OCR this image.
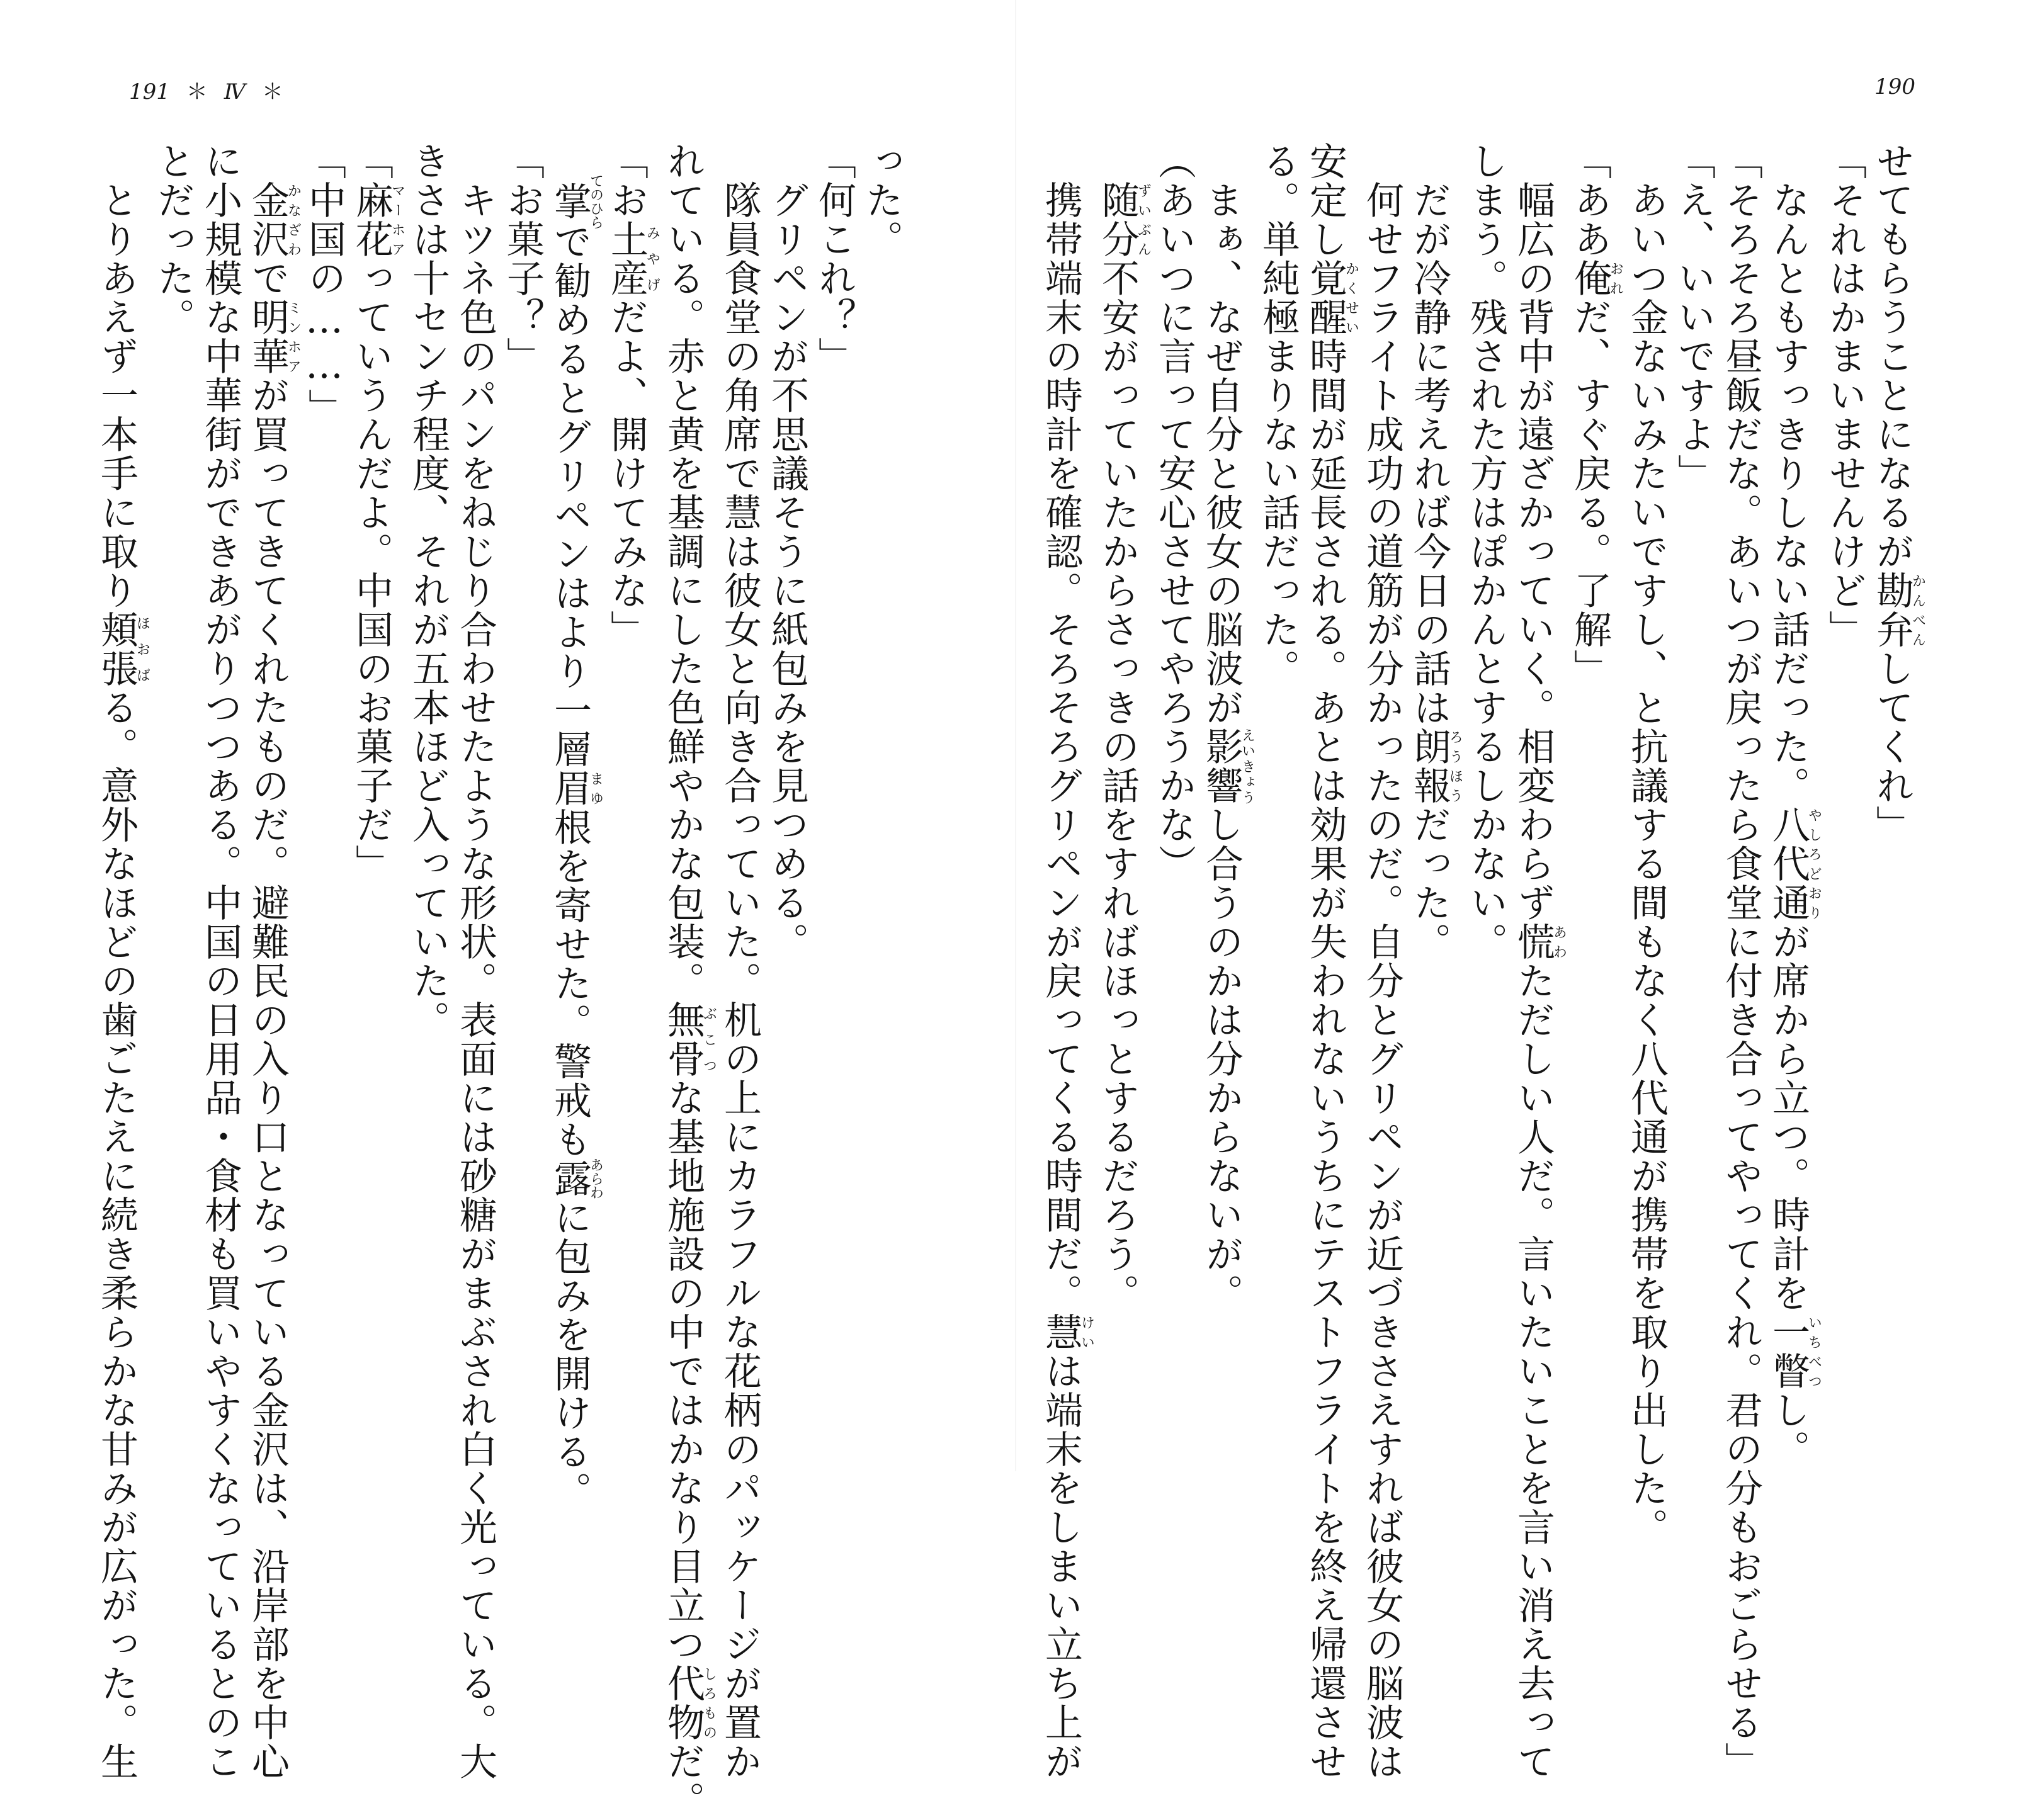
191 ＊ Ⅳ ＊	190
せてもらうことになるが勘弁かんべんしてくれ」
「それはかまいませんけど」
　なんともすっきりしない話だった。八代通やしろどおりが席から立つ。時計を一瞥いちべつし。
「そろそろ昼飯だな。あいつが戻ったら食堂に付き合ってやってくれ。君の分もおごらせる」
「え、いいですよ」
　あいつ金ないみたいですし、と抗議する間もなく八代通が携帯を取り出した。
「ああ俺おれだ、すぐ戻る。了解」
　幅広の背中が遠ざかっていく。相変わらず慌あわただしい人だ。言いたいことを言い消え去って
しまう。残された方はぽかんとするしかない。
　だが冷静に考えれば今日の話は朗報ろうほうだった。
　何せフライト成功の道筋が分かったのだ。自分とグリペンが近づきさえすれば彼女の脳波は
安定し覚醒かくせい時間が延長される。あとは効果が失われないうちにテストフライトを終え帰還させ
る。単純極まりない話だった。
　まぁ、なぜ自分と彼女の脳波が影響えいきょうし合うのかは分からないが。
（あいつに言って安心させてやろうかな）
　随分ずいぶん不安がっていたからさっきの話をすればほっとするだろう。
　携帯端末の時計を確認。そろそろグリペンが戻ってくる時間だ。慧けいは端末をしまい立ち上が
った。
「何これ？」
　グリペンが不思議そうに紙包みを見つめる。
　隊員食堂の角席で慧は彼女と向き合っていた。机の上にカラフルな花柄のパッケージが置か
れている。赤と黄を基調にした色鮮やかな包装。無骨ぶこつな基地施設の中ではかなり目立つ代物しろものだ。
「お土産みやげだよ、開けてみな」
　掌てのひらで勧めるとグリペンはより一層眉まゆ根を寄せた。警戒も露あらわに包みを開ける。
「お菓子？」
　キツネ色のパンをねじり合わせたような形状。表面には砂糖がまぶされ白く光っている。大
きさは十センチ程度、それが五本ほど入っていた。
「麻花マーホアっていうんだよ。中国のお菓子だ」
「中国の……」
　金沢かなざわで明華ミンホアが買ってきてくれたものだ。避難民の入り口となっている金沢は、沿岸部を中心
に小規模な中華街ができあがりつつある。中国の日用品・食材も買いやすくなっているとのこ
とだった。
　とりあえず一本手に取り頬張ほおばる。意外なほどの歯ごたえに続き柔らかな甘みが広がった。生
